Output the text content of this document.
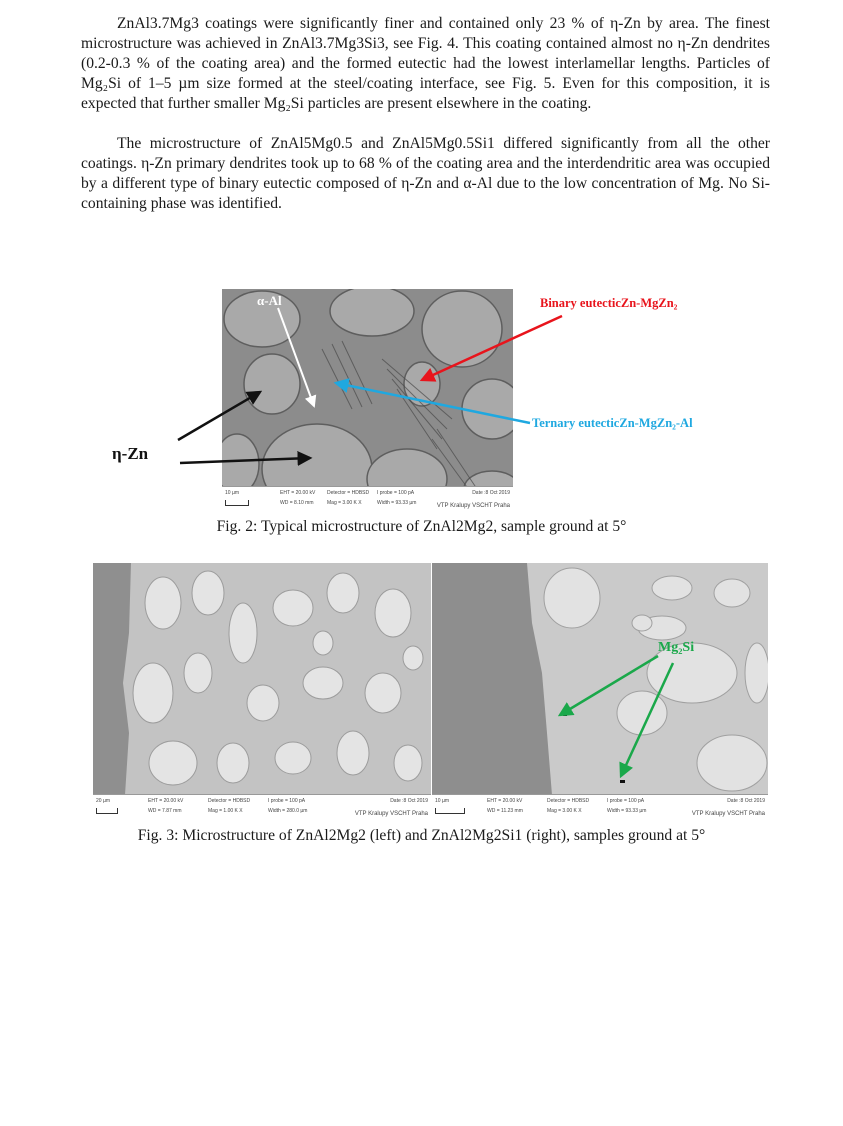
ZnAl3.7Mg3 coatings were significantly finer and contained only 23 % of η-Zn by area. The finest microstructure was achieved in ZnAl3.7Mg3Si3, see Fig. 4. This coating contained almost no η-Zn dendrites (0.2-0.3 % of the coating area) and the formed eutectic had the lowest interlamellar lengths. Particles of Mg₂Si of 1–5 µm size formed at the steel/coating interface, see Fig. 5. Even for this composition, it is expected that further smaller Mg₂Si particles are present elsewhere in the coating.

The microstructure of ZnAl5Mg0.5 and ZnAl5Mg0.5Si1 differed significantly from all the other coatings. η-Zn primary dendrites took up to 68 % of the coating area and the interdendritic area was occupied by a different type of binary eutectic composed of η-Zn and α-Al due to the low concentration of Mg. No Si-containing phase was identified.

10 µm	EHT = 20.00 kV
WD = 8.10 mm
Detector = HDBSD
Mag = 3.00 K X
I probe = 100 pA
Width = 93.33 µm
Date :8 Oct 2019
VTP Kralupy VSCHT Praha
α-Al	Binary eutecticZn-MgZn₂
Ternary eutecticZn-MgZn₂-Al
η-Zn
Fig. 2: Typical microstructure of ZnAl2Mg2, sample ground at 5°
20 µm	EHT = 20.00 kV
WD = 7.87 mm
Detector = HDBSD
Mag = 1.00 K X
I probe = 100 pA
Width = 280.0 µm
Date :8 Oct 2019
VTP Kralupy VSCHT Praha
10 µm	EHT = 20.00 kV
WD = 11.23 mm
Detector = HDBSD
Mag = 3.00 K X
I probe = 100 pA
Width = 93.33 µm
Date :8 Oct 2019
VTP Kralupy VSCHT Praha
Mg₂Si
Fig. 3: Microstructure of ZnAl2Mg2 (left) and ZnAl2Mg2Si1 (right), samples ground at 5°
